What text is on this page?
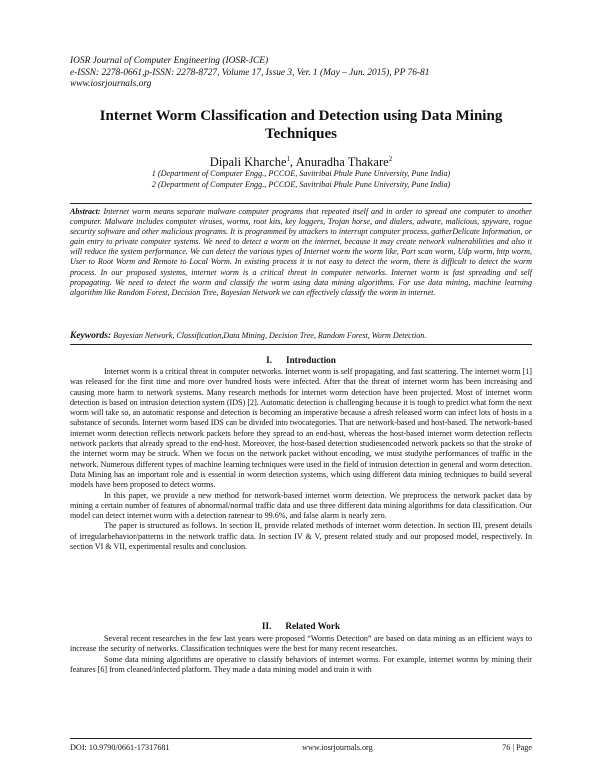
IOSR Journal of Computer Engineering (IOSR-JCE)
e-ISSN: 2278-0661,p-ISSN: 2278-8727, Volume 17, Issue 3, Ver. 1 (May – Jun. 2015), PP 76-81
www.iosrjournals.org
Internet Worm Classification and Detection using Data Mining Techniques
Dipali Kharche$^1$, Anuradha Thakare$^2$
1 (Department of Computer Engg., PCCOE, Savitribai Phule Pune University, Pune India)
2 (Department of Computer Engg., PCCOE, Savitribai Phule Pune University, Pune India)
Abstract: Internet worm means separate malware computer programs that repeated itself and in order to spread one computer to another computer. Malware includes computer viruses, worms, root kits, key loggers, Trojan horse, and dialers, adware, malicious, spyware, rogue security software and other malicious programs. It is programmed by attackers to interrupt computer process, gatherDelicate Information, or gain entry to private computer systems. We need to detect a worm on the internet, because it may create network vulnerabilities and also it will reduce the system performance. We can detect the various types of Internet worm the worm like, Port scan worm, Udp worm, http worm, User to Root Worm and Remote to Local Worm. In existing process it is not easy to detect the worm, there is difficult to detect the worm process. In our proposed systems, internet worm is a critical threat in computer networks. Internet worm is fast spreading and self propagating. We need to detect the worm and classify the worm using data mining algorithms. For use data mining, machine learning algorithm like Random Forest, Decision Tree, Bayesian Network we can effectively classify the worm in internet.
Keywords: Bayesian Network, Classification,Data Mining, Decision Tree, Random Forest, Worm Detection.
I. Introduction

Internet worm is a critical threat in computer networks. Internet worm is self propagating, and fast scattering. The internet worm [1] was released for the first time and more over hundred hosts were infected. After that the threat of internet worm has been increasing and causing more harm to network systems. Many research methods for internet worm detection have been projected. Most of internet worm detection is based on intrusion detection system (IDS) [2]. Automatic detection is challenging because it is tough to predict what form the next worm will take so, an automatic response and detection is becoming an imperative because a afresh released worm can infect lots of hosts in a substance of seconds. Internet worm based IDS can be divided into twocategories. That are network-based and host-based. The network-based internet worm detection reflects network packets before they spread to an end-host, whereas the host-based internet worm detection reflects network packets that already spread to the end-host. Moreover, the host-based detection studiesencoded network packets so that the stroke of the internet worm may be struck. When we focus on the network packet without encoding, we must studythe performances of traffic in the network. Numerous different types of machine learning techniques were used in the field of intrusion detection in general and worm detection. Data Mining has an important role and is essential in worm detection systems, which using different data mining techniques to build several models have been proposed to detect worms.

In this paper, we provide a new method for network-based internet worm detection. We preprocess the network packet data by mining a certain number of features of abnormal/normal traffic data and use three different data mining algorithms for data classification. Our model can detect internet worm with a detection ratenear to 99.6%, and false alarm is nearly zero.

The paper is structured as follows. In section II, provide related methods of internet worm detection. In section III, present details of irregularbehavior/patterns in the network traffic data. In section IV & V, present related study and our proposed model, respectively. In section VI & VII, experimental results and conclusion.

II. Related Work

Several recent researches in the few last years were proposed “Worms Detection” are based on data mining as an efficient ways to increase the security of networks. Classification techniques were the best for many recent researches.

Some data mining algorithms are operative to classify behaviors of internet worms. For example, internet worms by mining their features [6] from cleaned/infected platform. They made a data mining model and train it with

DOI: 10.9790/0661-17317681	www.iosrjournals.org	76 | Page
